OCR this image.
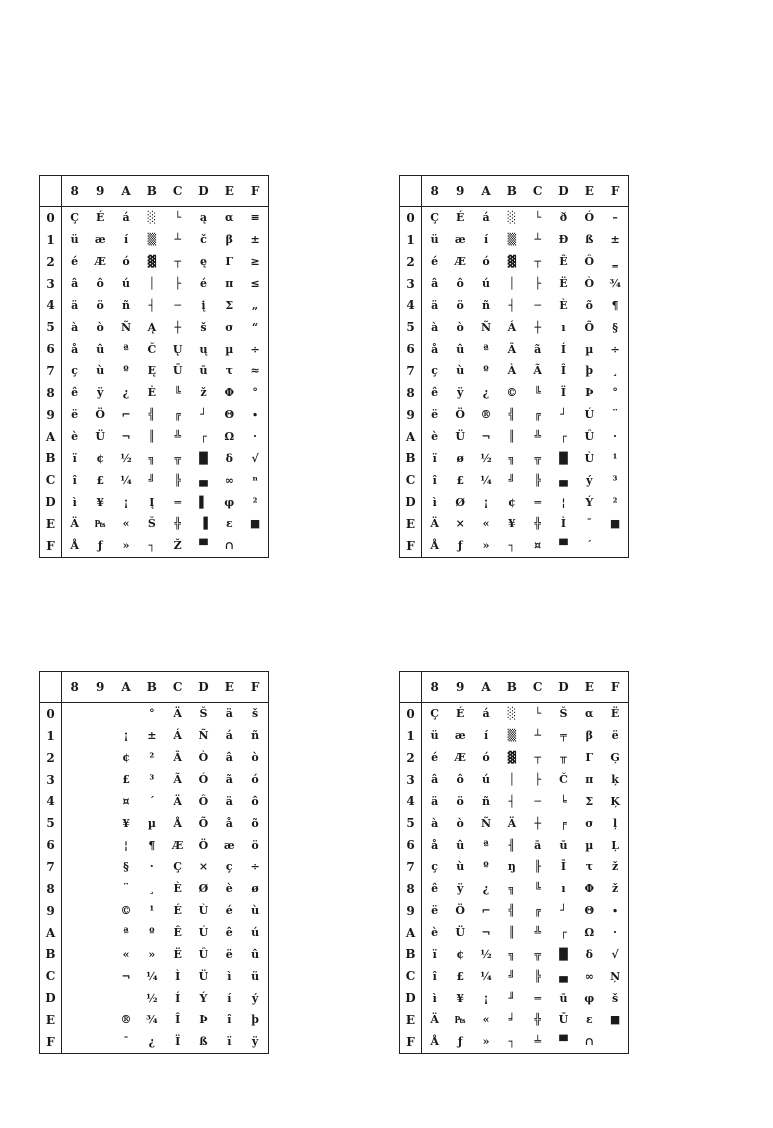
	8	9	A	B	C	D	E	F
0	Ç	É	á	░	└	ą	α	≡
1	ü	æ	í	▒	┴	č	β	±
2	é	Æ	ó	▓	┬	ę	Γ	≥
3	â	ô	ú	│	├	é	π	≤
4	ä	ö	ñ	┤	─	į	Σ	„
5	à	ò	Ñ	Ą	┼	š	σ	“
6	å	û	ª	Č	Ų	ų	µ	÷
7	ç	ù	º	Ę	Ū	ū	τ	≈
8	ê	ÿ	¿	Ė	╚	ž	Φ	°
9	ë	Ö	⌐	╣	╔	┘	Θ	∙
A	è	Ü	¬	║	╩	┌	Ω	·
B	ï	¢	½	╗	╦	█	δ	√
C	î	£	¼	╝	╠	▄	∞	ⁿ
D	ì	¥	¡	Į	═	▌	φ	²
E	Ä	₧	«	Š	╬	▐	ε	■
F	Å	ƒ	»	┐	Ž	▀	∩	
	8	9	A	B	C	D	E	F
0	Ç	É	á	░	└	ð	Ó	–
1	ü	æ	í	▒	┴	Ð	ß	±
2	é	Æ	ó	▓	┬	Ê	Ô	‗
3	â	ô	ú	│	├	Ë	Ò	¾
4	ä	ö	ñ	┤	─	È	õ	¶
5	à	ò	Ñ	Á	┼	ı	Õ	§
6	å	û	ª	Â	ã	Í	µ	÷
7	ç	ù	º	À	Ã	Î	þ	¸
8	ê	ÿ	¿	©	╚	Ï	Þ	°
9	ë	Ö	®	╣	╔	┘	Ú	¨
A	è	Ü	¬	║	╩	┌	Û	·
B	ï	ø	½	╗	╦	█	Ù	¹
C	î	£	¼	╝	╠	▄	ý	³
D	ì	Ø	¡	¢	═	¦	Ý	²
E	Ä	×	«	¥	╬	Ì	¯	■
F	Å	ƒ	»	┐	¤	▀	´	
	8	9	A	B	C	D	E	F
0				°	Ä	Š	ä	š
1			¡	±	Á	Ñ	á	ñ
2			¢	²	Â	Ò	â	ò
3			£	³	Ã	Ó	ã	ó
4			¤	´	Ä	Ô	ä	ô
5			¥	µ	Å	Õ	å	õ
6			¦	¶	Æ	Ö	æ	ö
7			§	·	Ç	×	ç	÷
8			¨	¸	È	Ø	è	ø
9			©	¹	É	Ù	é	ù
A			ª	º	Ê	Ú	ê	ú
B			«	»	Ë	Û	ë	û
C			¬	¼	Ì	Ü	ì	ü
D				½	Í	Ý	í	ý
E			®	¾	Î	Þ	î	þ
F			¯	¿	Ï	ß	ï	ÿ
	8	9	A	B	C	D	E	F
0	Ç	É	á	░	└	Š	α	Ë
1	ü	æ	í	▒	┴	╤	β	ë
2	é	Æ	ó	▓	┬	╥	Γ	Ģ
3	â	ô	ú	│	├	Č	π	ķ
4	ä	ö	ñ	┤	─	╘	Σ	Ķ
5	à	ò	Ñ	Ä	┼	╒	σ	ļ
6	å	û	ª	╢	ā	ū	µ	Ļ
7	ç	ù	º	ŋ	╟	Ī	τ	ž
8	ê	ÿ	¿	╗	╚	ı	Φ	ž
9	ë	Ö	⌐	╣	╔	┘	Θ	∙
A	è	Ü	¬	║	╩	┌	Ω	·
B	ï	¢	½	╗	╦	█	δ	√
C	î	£	¼	╝	╠	▄	∞	Ņ
D	ì	¥	¡	╜	═	ū	φ	š
E	Ä	₧	«	╛	╬	Ū	ε	■
F	Å	ƒ	»	┐	╧	▀	∩	
